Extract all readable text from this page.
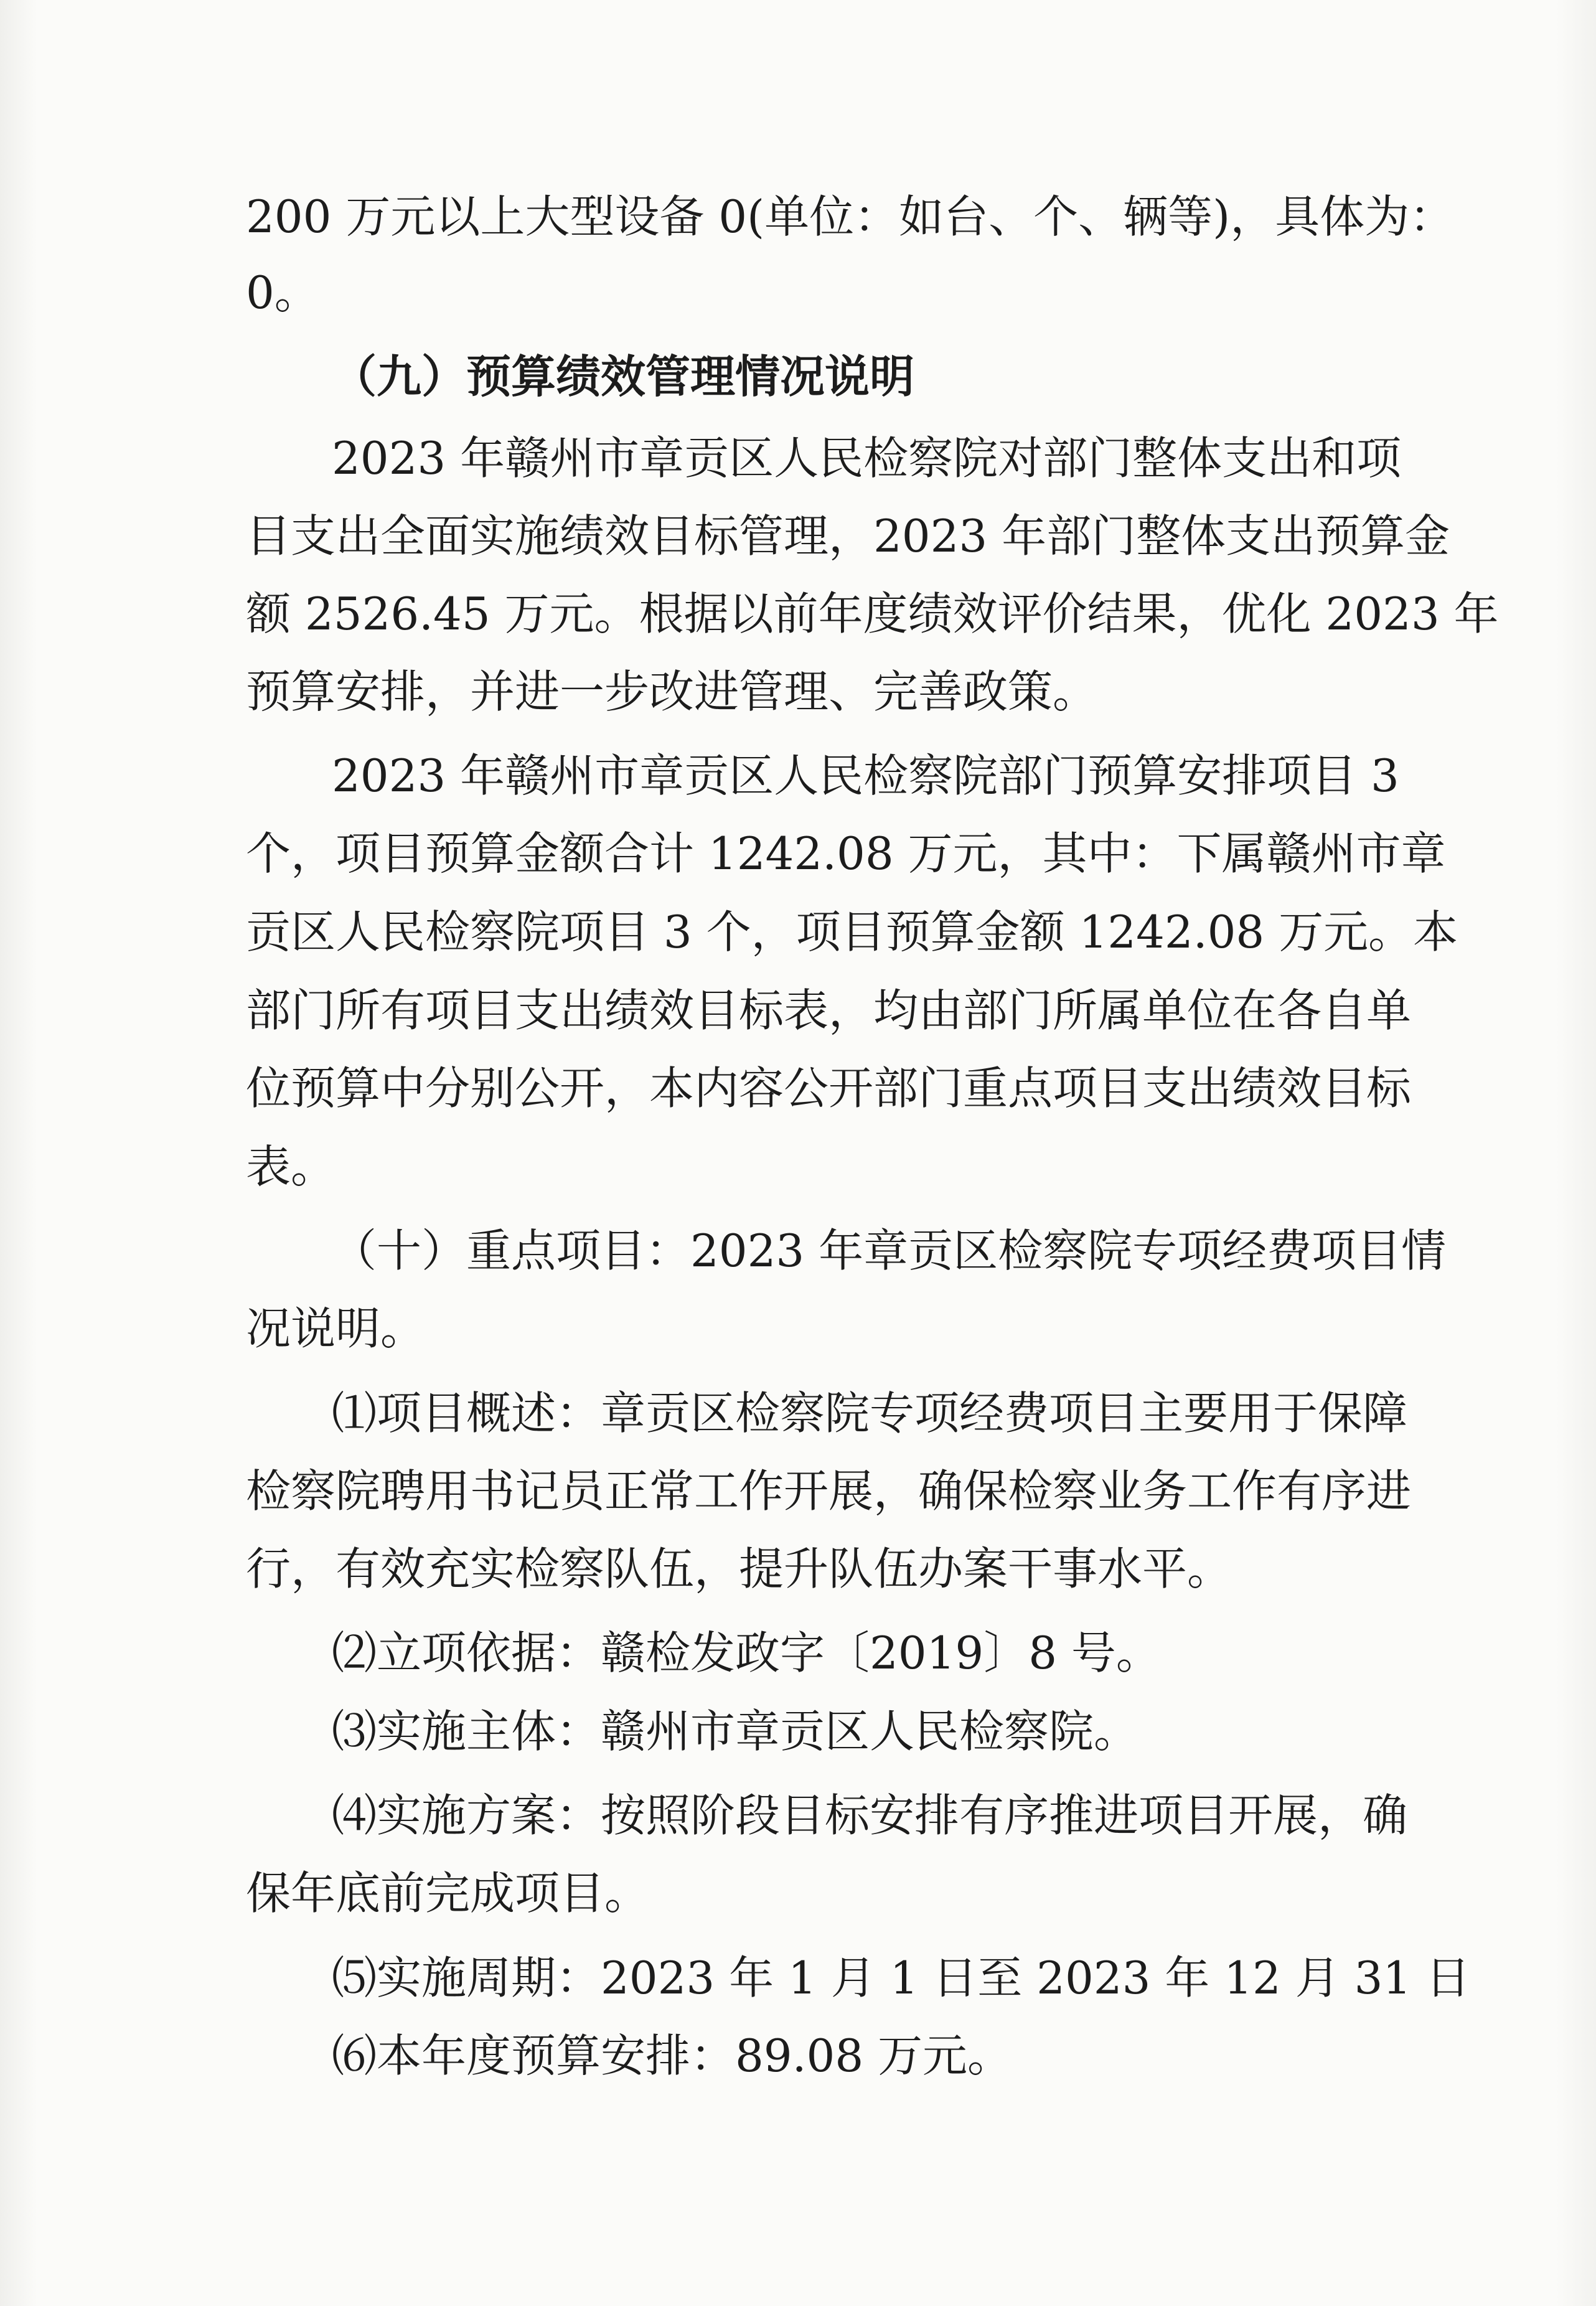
200 万元以上大型设备 0(单位：如台、个、辆等)，具体为：
0。
（九）预算绩效管理情况说明
2023 年赣州市章贡区人民检察院对部门整体支出和项
目支出全面实施绩效目标管理，2023 年部门整体支出预算金
额 2526.45 万元。根据以前年度绩效评价结果，优化 2023 年
预算安排，并进一步改进管理、完善政策。
2023 年赣州市章贡区人民检察院部门预算安排项目 3
个，项目预算金额合计 1242.08 万元，其中：下属赣州市章
贡区人民检察院项目 3 个，项目预算金额 1242.08 万元。本
部门所有项目支出绩效目标表，均由部门所属单位在各自单
位预算中分别公开，本内容公开部门重点项目支出绩效目标
表。
（十）重点项目：2023 年章贡区检察院专项经费项目情
况说明。
⑴项目概述：章贡区检察院专项经费项目主要用于保障
检察院聘用书记员正常工作开展，确保检察业务工作有序进
行，有效充实检察队伍，提升队伍办案干事水平。
⑵立项依据：赣检发政字〔2019〕8 号。
⑶实施主体：赣州市章贡区人民检察院。
⑷实施方案：按照阶段目标安排有序推进项目开展，确
保年底前完成项目。
⑸实施周期：2023 年 1 月 1 日至 2023 年 12 月 31 日
⑹本年度预算安排：89.08 万元。
